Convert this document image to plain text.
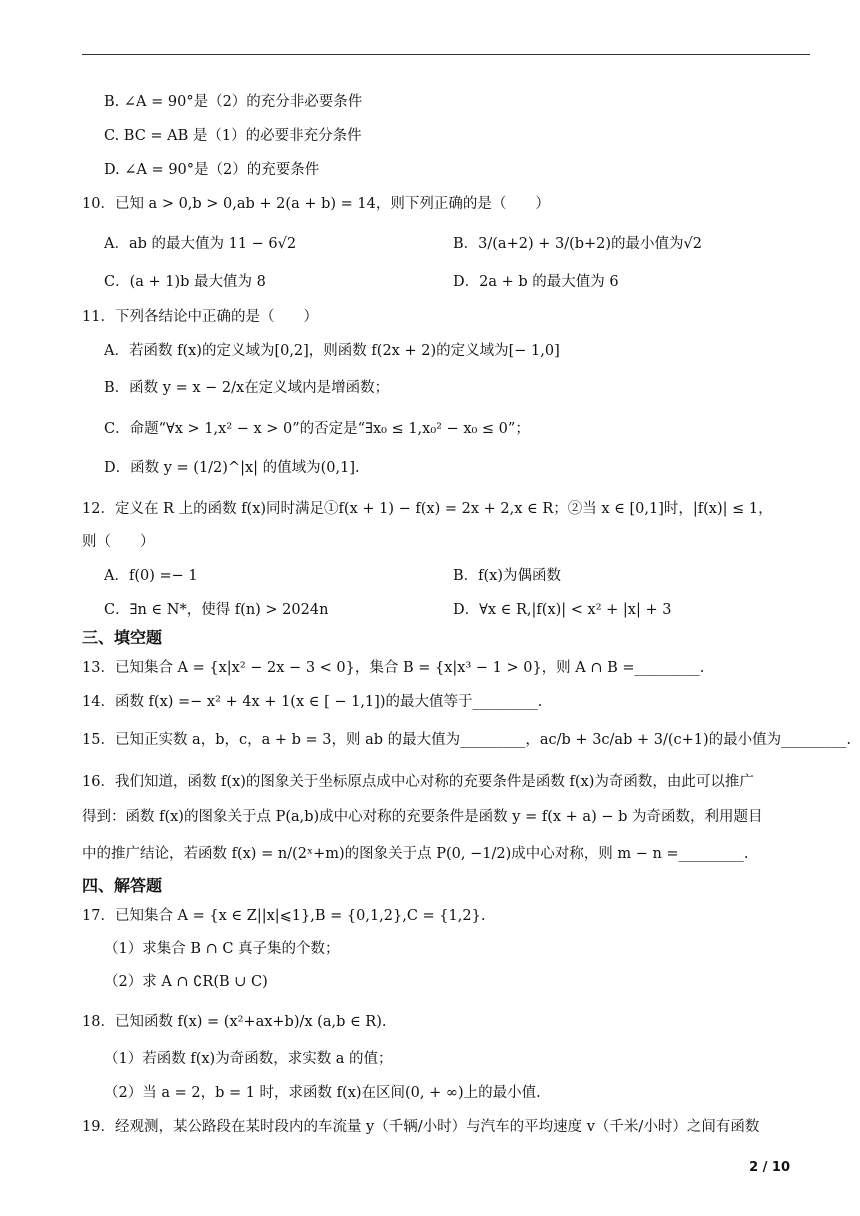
B. ∠A = 90°是（2）的充分非必要条件
C. BC = AB 是（1）的必要非充分条件
D. ∠A = 90°是（2）的充要条件
10．已知 a > 0,b > 0,ab + 2(a + b) = 14，则下列正确的是（　　）
A．ab 的最大值为 11 − 6√2	B．3/(a+2) + 3/(b+2)的最小值为√2
C．(a + 1)b 最大值为 8	D．2a + b 的最大值为 6
11．下列各结论中正确的是（　　）
A．若函数 f(x)的定义域为[0,2]，则函数 f(2x + 2)的定义域为[− 1,0]
B．函数 y = x − 2/x在定义域内是增函数；
C．命题“∀x > 1,x² − x > 0”的否定是“∃x₀ ≤ 1,x₀² − x₀ ≤ 0”；
D．函数 y = (1/2)^|x| 的值域为(0,1].
12．定义在 R 上的函数 f(x)同时满足①f(x + 1) − f(x) = 2x + 2,x ∈ R；②当 x ∈ [0,1]时，|f(x)| ≤ 1，
则（　　）
A．f(0) =− 1	B．f(x)为偶函数
C．∃n ∈ N*，使得 f(n) > 2024n	D．∀x ∈ R,|f(x)| < x² + |x| + 3
三、填空题
13．已知集合 A = {x|x² − 2x − 3 < 0}，集合 B = {x|x³ − 1 > 0}，则 A ∩ B =_________.
14．函数 f(x) =− x² + 4x + 1(x ∈ [ − 1,1])的最大值等于_________.
15．已知正实数 a，b，c，a + b = 3，则 ab 的最大值为_________，ac/b + 3c/ab + 3/(c+1)的最小值为_________.
16．我们知道，函数 f(x)的图象关于坐标原点成中心对称的充要条件是函数 f(x)为奇函数，由此可以推广
得到：函数 f(x)的图象关于点 P(a,b)成中心对称的充要条件是函数 y = f(x + a) − b 为奇函数，利用题目
中的推广结论，若函数 f(x) = n/(2ˣ+m)的图象关于点 P(0, −1/2)成中心对称，则 m − n =_________.
四、解答题
17．已知集合 A = {x ∈ Z||x|⩽1},B = {0,1,2},C = {1,2}.
（1）求集合 B ∩ C 真子集的个数；
（2）求 A ∩ ∁R(B ∪ C)
18．已知函数 f(x) = (x²+ax+b)/x (a,b ∈ R).
（1）若函数 f(x)为奇函数，求实数 a 的值；
（2）当 a = 2，b = 1 时，求函数 f(x)在区间(0, + ∞)上的最小值.
19．经观测，某公路段在某时段内的车流量 y（千辆/小时）与汽车的平均速度 v（千米/小时）之间有函数
2 / 10
